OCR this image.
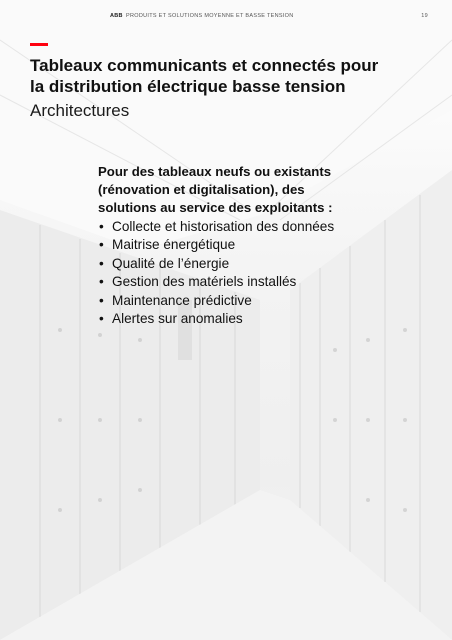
ABB PRODUITS ET SOLUTIONS MOYENNE ET BASSE TENSION	19
Tableaux communicants et connectés pour
la distribution électrique basse tension
Architectures
Pour des tableaux neufs ou existants
(rénovation et digitalisation), des
solutions au service des exploitants :
• Collecte et historisation des données
• Maitrise énergétique
• Qualité de l’énergie
• Gestion des matériels installés
• Maintenance prédictive
• Alertes sur anomalies
